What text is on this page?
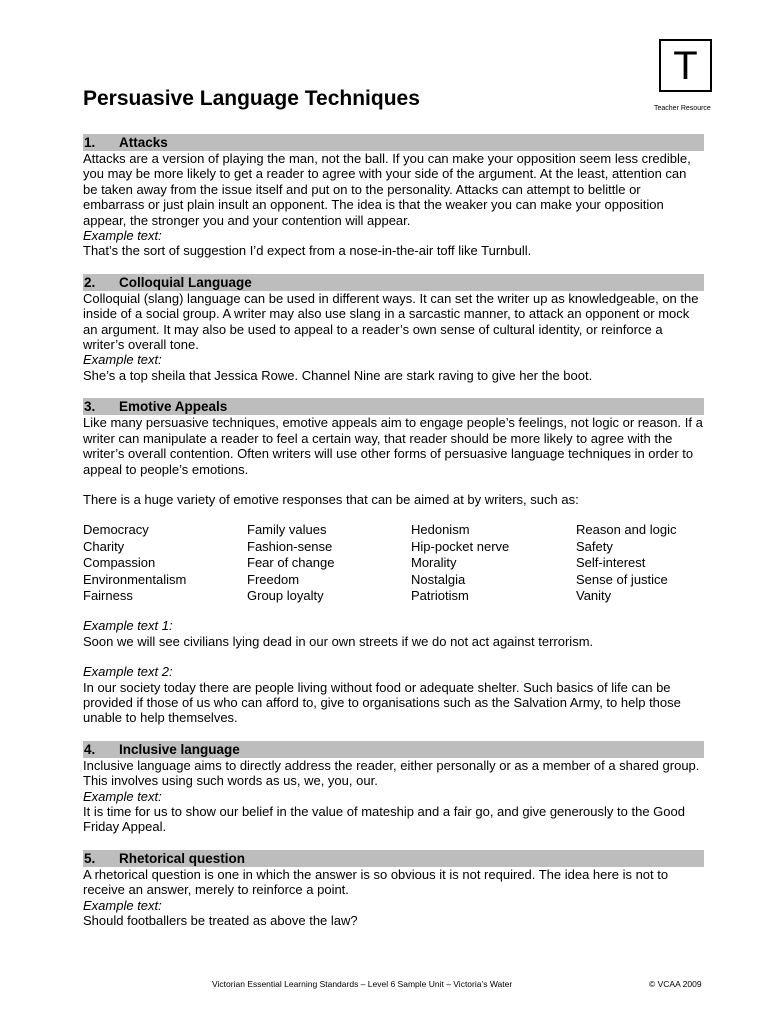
Persuasive Language Techniques
T
Teacher Resource
1. Attacks

Attacks are a version of playing the man, not the ball. If you can make your opposition seem less credible, you may be more likely to get a reader to agree with your side of the argument. At the least, attention can be taken away from the issue itself and put on to the personality. Attacks can attempt to belittle or embarrass or just plain insult an opponent. The idea is that the weaker you can make your opposition appear, the stronger you and your contention will appear.

Example text:
That’s the sort of suggestion I’d expect from a nose-in-the-air toff like Turnbull.
2. Colloquial Language

Colloquial (slang) language can be used in different ways. It can set the writer up as knowledgeable, on the inside of a social group. A writer may also use slang in a sarcastic manner, to attack an opponent or mock an argument. It may also be used to appeal to a reader’s own sense of cultural identity, or reinforce a writer’s overall tone.

Example text:
She’s a top sheila that Jessica Rowe. Channel Nine are stark raving to give her the boot.
3. Emotive Appeals

Like many persuasive techniques, emotive appeals aim to engage people’s feelings, not logic or reason. If a writer can manipulate a reader to feel a certain way, that reader should be more likely to agree with the writer’s overall contention. Often writers will use other forms of persuasive language techniques in order to appeal to people’s emotions.

There is a huge variety of emotive responses that can be aimed at by writers, such as:
Democracy	Family values	Hedonism	Reason and logic
Charity	Fashion-sense	Hip-pocket nerve	Safety
Compassion	Fear of change	Morality	Self-interest
Environmentalism	Freedom	Nostalgia	Sense of justice
Fairness	Group loyalty	Patriotism	Vanity
Example text 1:
Soon we will see civilians lying dead in our own streets if we do not act against terrorism.
Example text 2:
In our society today there are people living without food or adequate shelter. Such basics of life can be provided if those of us who can afford to, give to organisations such as the Salvation Army, to help those unable to help themselves.
4. Inclusive language

Inclusive language aims to directly address the reader, either personally or as a member of a shared group. This involves using such words as us, we, you, our.

Example text:
It is time for us to show our belief in the value of mateship and a fair go, and give generously to the Good Friday Appeal.
5. Rhetorical question

A rhetorical question is one in which the answer is so obvious it is not required. The idea here is not to receive an answer, merely to reinforce a point.

Example text:
Should footballers be treated as above the law?
Victorian Essential Learning Standards – Level 6 Sample Unit – Victoria’s Water	© VCAA 2009
